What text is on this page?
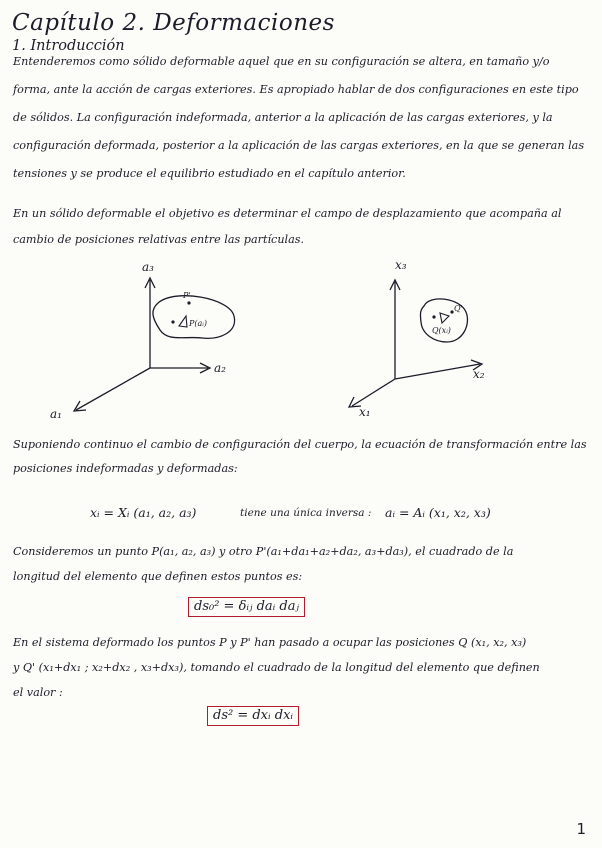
Capítulo 2. Deformaciones
1. Introducción
Entenderemos como sólido deformable aquel que en su configuración se altera, en tamaño y/o
forma, ante la acción de cargas exteriores. Es apropiado hablar de dos configuraciones en este tipo
de sólidos. La configuración indeformada, anterior a la aplicación de las cargas exteriores, y la
configuración deformada, posterior a la aplicación de las cargas exteriores, en la que se generan las
tensiones y se produce el equilibrio estudiado en el capítulo anterior.
En un sólido deformable el objetivo es determinar el campo de desplazamiento que acompaña al
cambio de posiciones relativas entre las partículas.
a₃
a₂
a₁
P'
P(aᵢ)
x₃
x₂
x₁
Q'
Q(xᵢ)
Suponiendo continuo el cambio de configuración del cuerpo, la ecuación de transformación entre las
posiciones indeformadas y deformadas:
xᵢ = Xᵢ (a₁, a₂, a₃)	tiene una única inversa : aᵢ = Aᵢ (x₁, x₂, x₃)
Consideremos un punto P(a₁, a₂, a₃) y otro P'(a₁+da₁+a₂+da₂, a₃+da₃), el cuadrado de la
longitud del elemento que definen estos puntos es:
ds₀² = δᵢⱼ daᵢ daⱼ
En el sistema deformado los puntos P y P' han pasado a ocupar las posiciones Q (x₁, x₂, x₃)
y Q' (x₁+dx₁ ; x₂+dx₂ , x₃+dx₃), tomando el cuadrado de la longitud del elemento que definen
el valor :
ds² = dxᵢ dxᵢ
1
